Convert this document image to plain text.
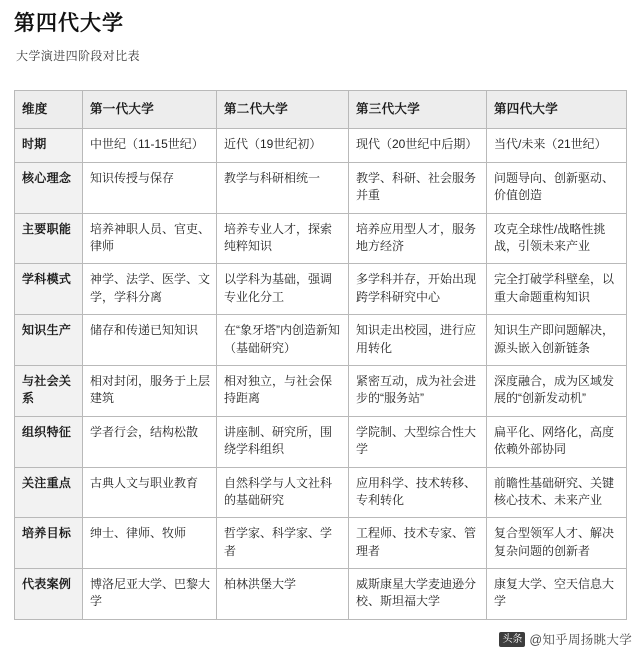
第四代大学
大学演进四阶段对比表
维度	第一代大学	第二代大学	第三代大学	第四代大学
时期	中世纪（11-15世纪）	近代（19世纪初）	现代（20世纪中后期）	当代/未来（21世纪）
核心理念	知识传授与保存	教学与科研相统一	教学、科研、社会服务并重	问题导向、创新驱动、价值创造
主要职能	培养神职人员、官吏、律师	培养专业人才，探索纯粹知识	培养应用型人才，服务地方经济	攻克全球性/战略性挑战，引领未来产业
学科模式	神学、法学、医学、文学，学科分离	以学科为基础，强调专业化分工	多学科并存，开始出现跨学科研究中心	完全打破学科壁垒，以重大命题重构知识
知识生产	储存和传递已知知识	在“象牙塔”内创造新知（基础研究）	知识走出校园，进行应用转化	知识生产即问题解决，源头嵌入创新链条
与社会关系	相对封闭，服务于上层建筑	相对独立，与社会保持距离	紧密互动，成为社会进步的“服务站”	深度融合，成为区域发展的“创新发动机”
组织特征	学者行会，结构松散	讲座制、研究所，围绕学科组织	学院制、大型综合性大学	扁平化、网络化，高度依赖外部协同
关注重点	古典人文与职业教育	自然科学与人文社科的基础研究	应用科学、技术转移、专利转化	前瞻性基础研究、关键核心技术、未来产业
培养目标	绅士、律师、牧师	哲学家、科学家、学者	工程师、技术专家、管理者	复合型领军人才、解决复杂问题的创新者
代表案例	博洛尼亚大学、巴黎大学	柏林洪堡大学	威斯康星大学麦迪逊分校、斯坦福大学	康复大学、空天信息大学
头条 @知乎周扬眺大学
